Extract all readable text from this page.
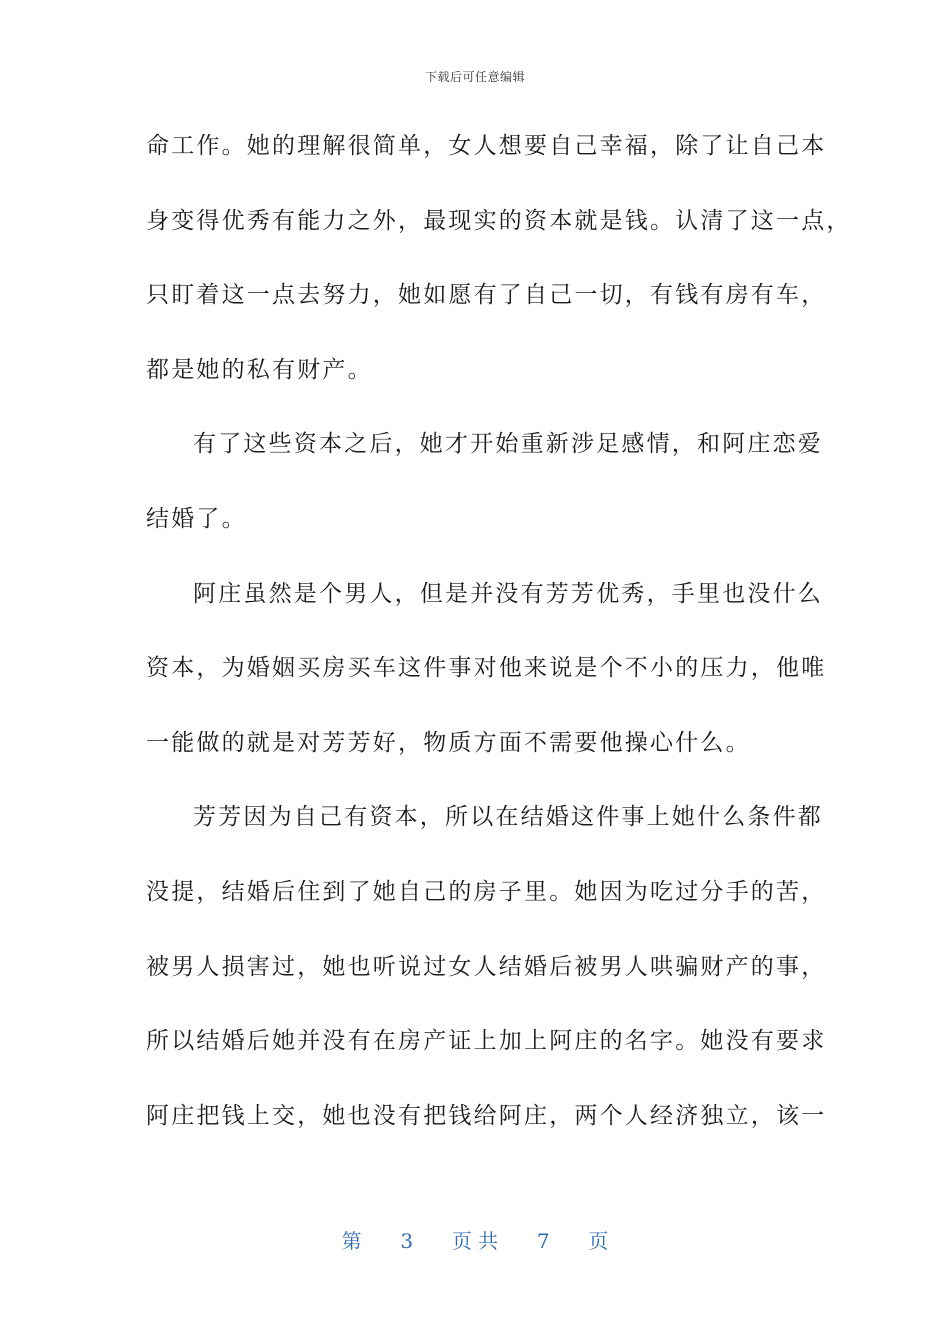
下载后可任意编辑
命工作。她的理解很简单，女人想要自己幸福，除了让自己本
身变得优秀有能力之外，最现实的资本就是钱。认清了这一点，
只盯着这一点去努力，她如愿有了自己一切，有钱有房有车，
都是她的私有财产。
有了这些资本之后，她才开始重新涉足感情，和阿庄恋爱
结婚了。
阿庄虽然是个男人，但是并没有芳芳优秀，手里也没什么
资本，为婚姻买房买车这件事对他来说是个不小的压力，他唯
一能做的就是对芳芳好，物质方面不需要他操心什么。
芳芳因为自己有资本，所以在结婚这件事上她什么条件都
没提，结婚后住到了她自己的房子里。她因为吃过分手的苦，
被男人损害过，她也听说过女人结婚后被男人哄骗财产的事，
所以结婚后她并没有在房产证上加上阿庄的名字。她没有要求
阿庄把钱上交，她也没有把钱给阿庄，两个人经济独立，该一
第 3 页 共 7 页
